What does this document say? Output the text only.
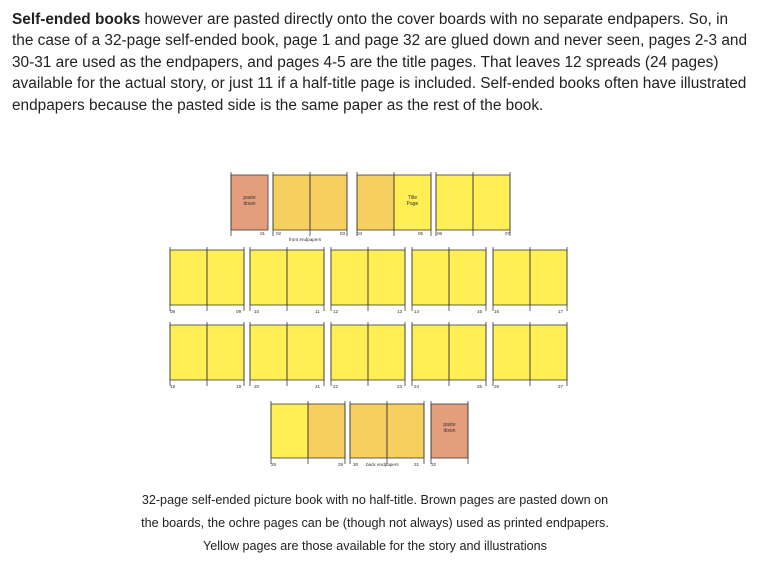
Self-ended books however are pasted directly onto the cover boards with no separate endpapers. So, in the case of a 32-page self-ended book, page 1 and page 32 are glued down and never seen, pages 2-3 and 30-31 are used as the endpapers, and pages 4-5 are the title pages. That leaves 12 spreads (24 pages) available for the actual story, or just 11 if a half-title page is included. Self-ended books often have illustrated endpapers because the pasted side is the same paper as the rest of the book.

paste
down
Title
Page
01 02	03	04	05	06	07
front endpapers
08	09	10	11	12	13	14	15	16	17
18	19	20	21	22	23	24	25	26	27
paste
down
28	29 30	31	32
back endpapers

32-page self-ended picture book with no half-title. Brown pages are pasted down on the boards, the ochre pages can be (though not always) used as printed endpapers. Yellow pages are those available for the story and illustrations
